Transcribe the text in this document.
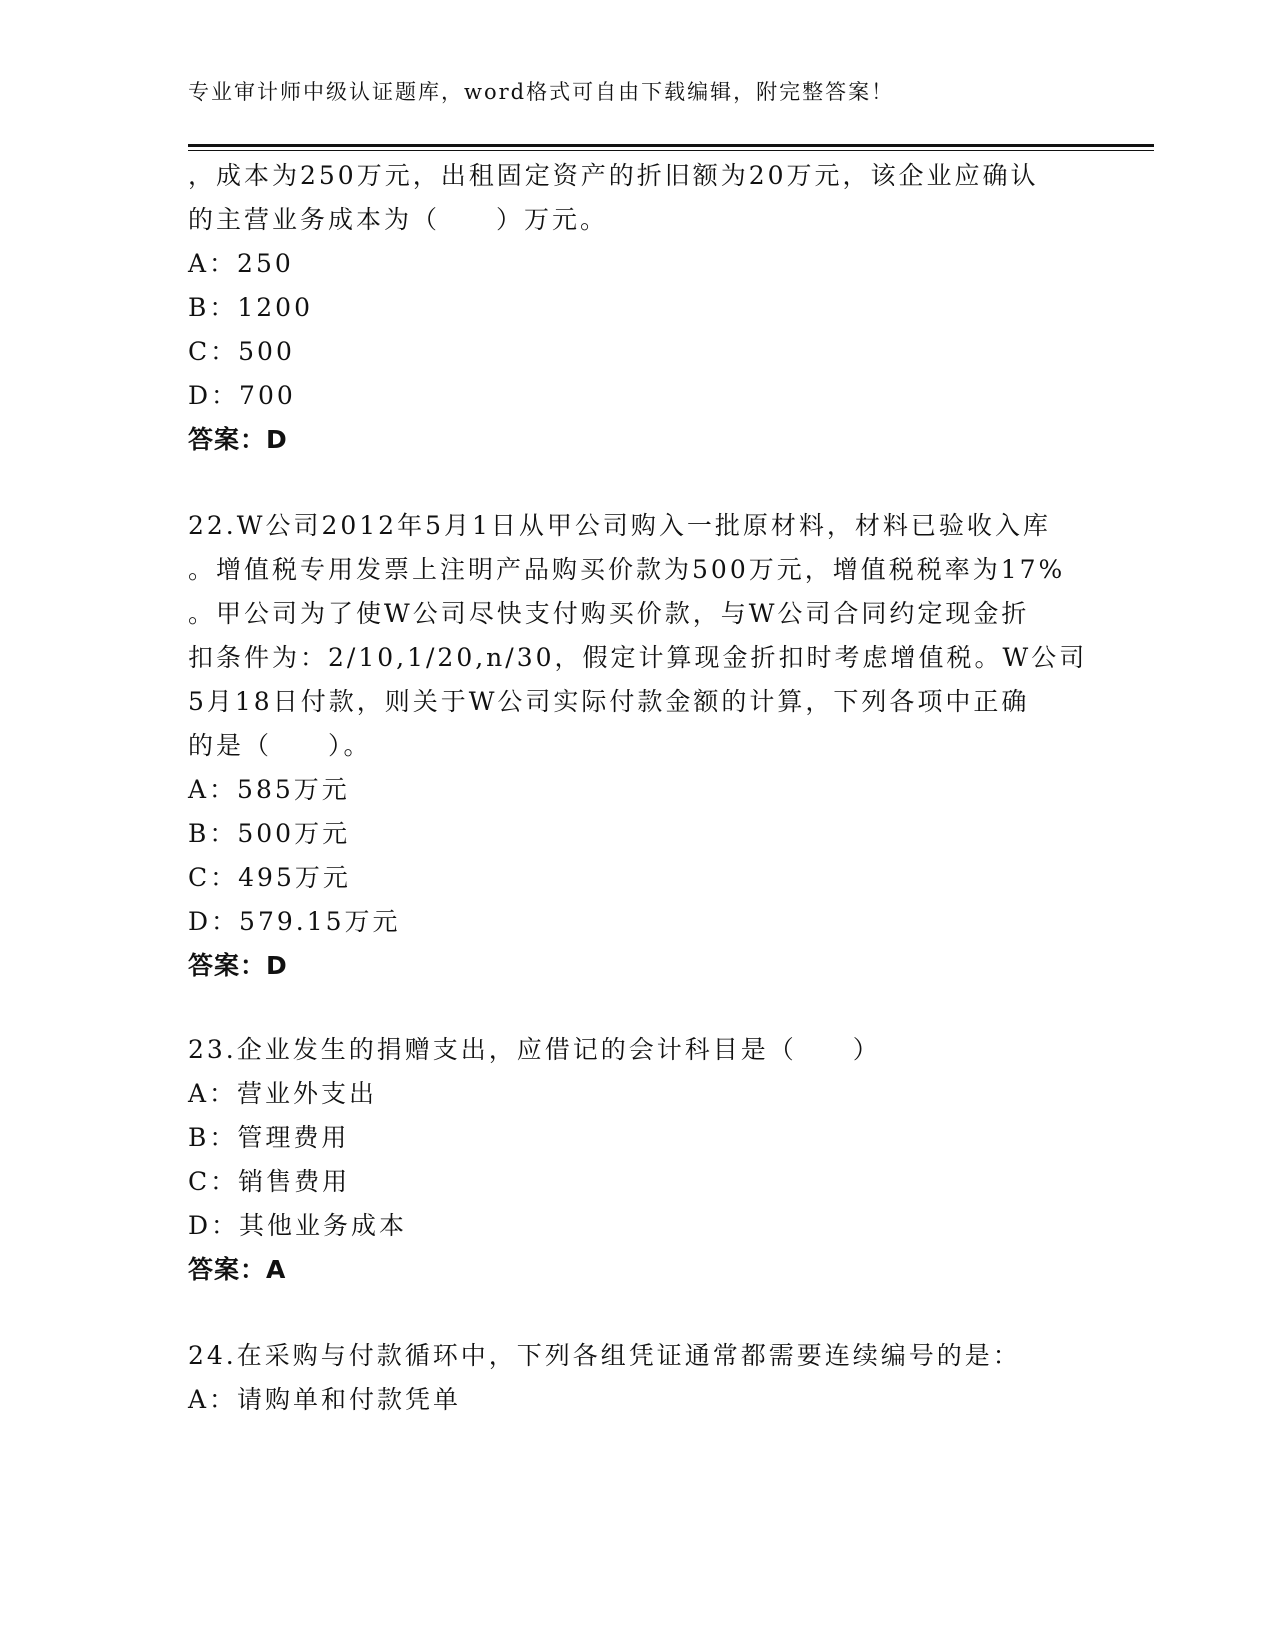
专业审计师中级认证题库，word格式可自由下载编辑，附完整答案！
，成本为250万元，出租固定资产的折旧额为20万元，该企业应确认
的主营业务成本为（　　）万元。
A：250
B：1200
C：500
D：700
答案：D
22.W公司2012年5月1日从甲公司购入一批原材料，材料已验收入库
。增值税专用发票上注明产品购买价款为500万元，增值税税率为17%
。甲公司为了使W公司尽快支付购买价款，与W公司合同约定现金折
扣条件为：2/10,1/20,n/30，假定计算现金折扣时考虑增值税。W公司
5月18日付款，则关于W公司实际付款金额的计算，下列各项中正确
的是（　　）。
A：585万元
B：500万元
C：495万元
D：579.15万元
答案：D
23.企业发生的捐赠支出，应借记的会计科目是（　　）
A：营业外支出
B：管理费用
C：销售费用
D：其他业务成本
答案：A
24.在采购与付款循环中，下列各组凭证通常都需要连续编号的是：
A：请购单和付款凭单
